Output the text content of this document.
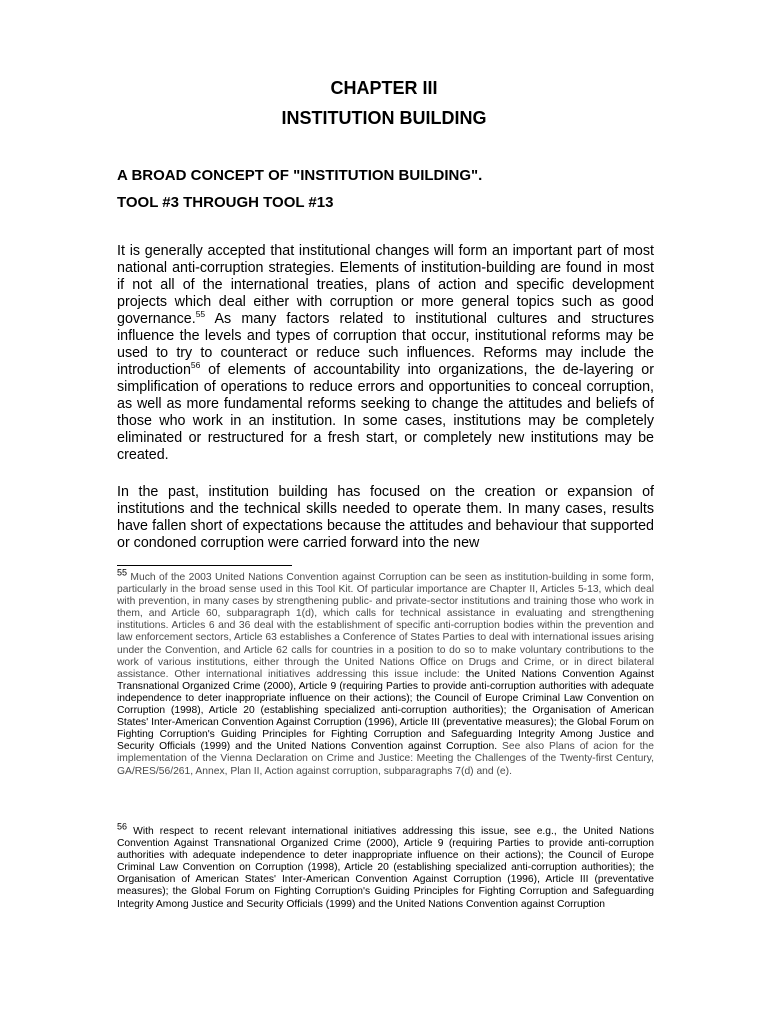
CHAPTER III
INSTITUTION BUILDING
A BROAD CONCEPT OF "INSTITUTION BUILDING".
TOOL #3 THROUGH TOOL #13

It is generally accepted that institutional changes will form an important part of most national anti-corruption strategies. Elements of institution-building are found in most if not all of the international treaties, plans of action and specific development projects which deal either with corruption or more general topics such as good governance.$^{55}$ As many factors related to institutional cultures and structures influence the levels and types of corruption that occur, institutional reforms may be used to try to counteract or reduce such influences. Reforms may include the introduction$^{56}$ of elements of accountability into organizations, the de-layering or simplification of operations to reduce errors and opportunities to conceal corruption, as well as more fundamental reforms seeking to change the attitudes and beliefs of those who work in an institution. In some cases, institutions may be completely eliminated or restructured for a fresh start, or completely new institutions may be created.

In the past, institution building has focused on the creation or expansion of institutions and the technical skills needed to operate them. In many cases, results have fallen short of expectations because the attitudes and behaviour that supported or condoned corruption were carried forward into the new

55 Much of the 2003 United Nations Convention against Corruption can be seen as institution-building in some form, particularly in the broad sense used in this Tool Kit. Of particular importance are Chapter II, Articles 5-13, which deal with prevention, in many cases by strengthening public- and private-sector institutions and training those who work in them, and Article 60, subparagraph 1(d), which calls for technical assistance in evaluating and strengthening institutions. Articles 6 and 36 deal with the establishment of specific anti-corruption bodies within the prevention and law enforcement sectors, Article 63 establishes a Conference of States Parties to deal with international issues arising under the Convention, and Article 62 calls for countries in a position to do so to make voluntary contributions to the work of various institutions, either through the United Nations Office on Drugs and Crime, or in direct bilateral assistance. Other international initiatives addressing this issue include: the United Nations Convention Against Transnational Organized Crime (2000), Article 9 (requiring Parties to provide anti-corruption authorities with adequate independence to deter inappropriate influence on their actions); the Council of Europe Criminal Law Convention on Corruption (1998), Article 20 (establishing specialized anti-corruption authorities); the Organisation of American States' Inter-American Convention Against Corruption (1996), Article III (preventative measures); the Global Forum on Fighting Corruption's Guiding Principles for Fighting Corruption and Safeguarding Integrity Among Justice and Security Officials (1999) and the United Nations Convention against Corruption. See also Plans of acion for the implementation of the Vienna Declaration on Crime and Justice: Meeting the Challenges of the Twenty-first Century, GA/RES/56/261, Annex, Plan II, Action against corruption, subparagraphs 7(d) and (e).

56 With respect to recent relevant international initiatives addressing this issue, see e.g., the United Nations Convention Against Transnational Organized Crime (2000), Article 9 (requiring Parties to provide anti-corruption authorities with adequate independence to deter inappropriate influence on their actions); the Council of Europe Criminal Law Convention on Corruption (1998), Article 20 (establishing specialized anti-corruption authorities); the Organisation of American States' Inter-American Convention Against Corruption (1996), Article III (preventative measures); the Global Forum on Fighting Corruption's Guiding Principles for Fighting Corruption and Safeguarding Integrity Among Justice and Security Officials (1999) and the United Nations Convention against Corruption
